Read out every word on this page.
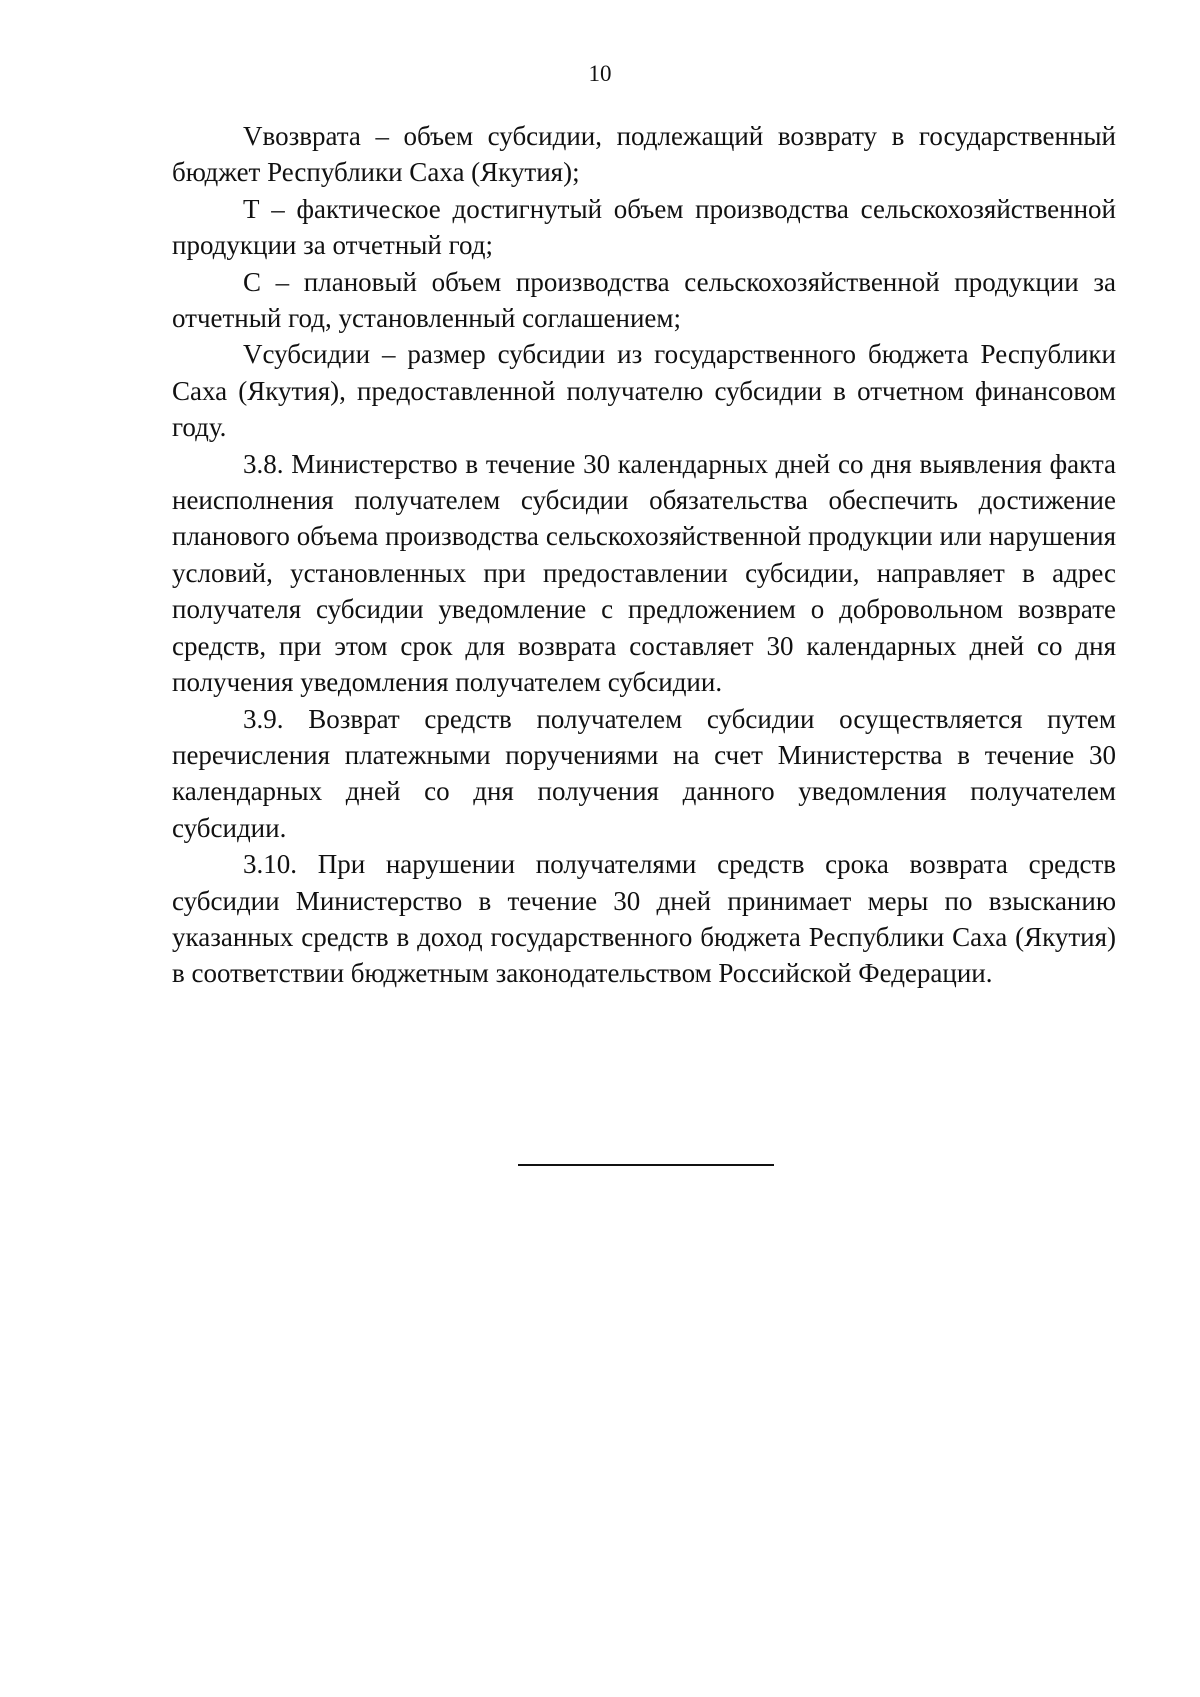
10

Vвозврата – объем субсидии, подлежащий возврату в государственный бюджет Республики Саха (Якутия);

Т – фактическое достигнутый объем производства сельскохозяйственной продукции за отчетный год;

С – плановый объем производства сельскохозяйственной продукции за отчетный год, установленный соглашением;

Vсубсидии – размер субсидии из государственного бюджета Республики Саха (Якутия), предоставленной получателю субсидии в отчетном финансовом году.

3.8. Министерство в течение 30 календарных дней со дня выявления факта неисполнения получателем субсидии обязательства обеспечить достижение планового объема производства сельскохозяйственной продукции или нарушения условий, установленных при предоставлении субсидии, направляет в адрес получателя субсидии уведомление с предложением о добровольном возврате средств, при этом срок для возврата составляет 30 календарных дней со дня получения уведомления получателем субсидии.

3.9. Возврат средств получателем субсидии осуществляется путем перечисления платежными поручениями на счет Министерства в течение 30 календарных дней со дня получения данного уведомления получателем субсидии.

3.10. При нарушении получателями средств срока возврата средств субсидии Министерство в течение 30 дней принимает меры по взысканию указанных средств в доход государственного бюджета Республики Саха (Якутия) в соответствии бюджетным законодательством Российской Федерации.
